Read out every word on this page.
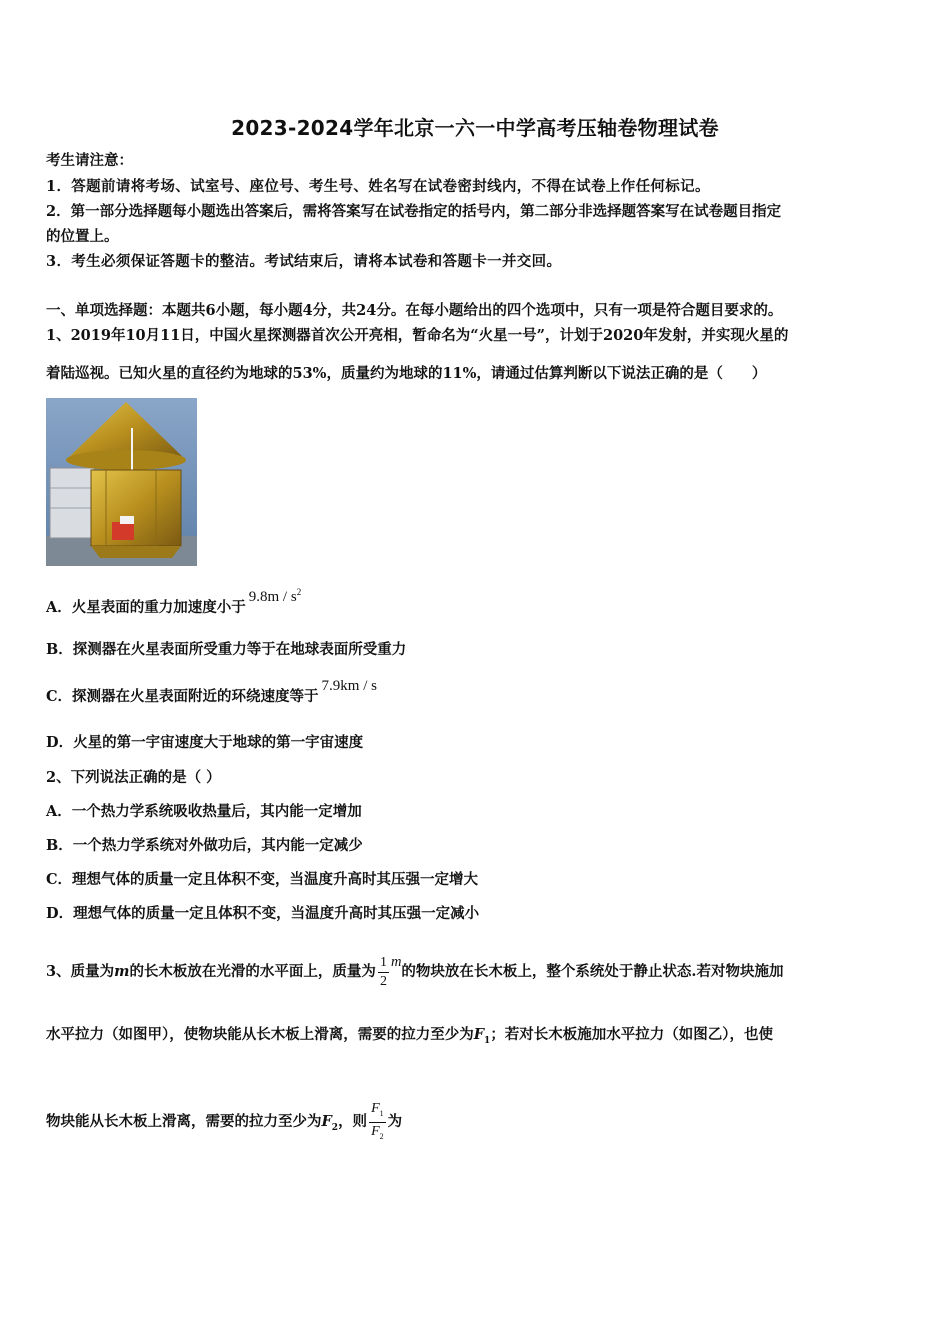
2023-2024学年北京一六一中学高考压轴卷物理试卷
考生请注意：
1．答题前请将考场、试室号、座位号、考生号、姓名写在试卷密封线内，不得在试卷上作任何标记。
2．第一部分选择题每小题选出答案后，需将答案写在试卷指定的括号内，第二部分非选择题答案写在试卷题目指定
的位置上。
3．考生必须保证答题卡的整洁。考试结束后，请将本试卷和答题卡一并交回。
一、单项选择题：本题共6小题，每小题4分，共24分。在每小题给出的四个选项中，只有一项是符合题目要求的。
1、2019年10月11日，中国火星探测器首次公开亮相，暂命名为“火星一号”，计划于2020年发射，并实现火星的
着陆巡视。已知火星的直径约为地球的53%，质量约为地球的11%，请通过估算判断以下说法正确的是（　　）
A．火星表面的重力加速度小于$9.8m / s^2$
B．探测器在火星表面所受重力等于在地球表面所受重力
C．探测器在火星表面附近的环绕速度等于7.9km / s
D．火星的第一宇宙速度大于地球的第一宇宙速度
2、下列说法正确的是（ ）
A．一个热力学系统吸收热量后，其内能一定增加
B．一个热力学系统对外做功后，其内能一定减少
C．理想气体的质量一定且体积不变，当温度升高时其压强一定增大
D．理想气体的质量一定且体积不变，当温度升高时其压强一定减小
3、质量为m的长木板放在光滑的水平面上，质量为 $\frac{1}{2}$ m的物块放在长木板上，整个系统处于静止状态.若对物块施加
水平拉力（如图甲），使物块能从长木板上滑离，需要的拉力至少为$F_1$；若对长木板施加水平拉力（如图乙），也使
物块能从长木板上滑离，需要的拉力至少为$F_2$，则 $\frac{F_1}{F_2}$ 为
